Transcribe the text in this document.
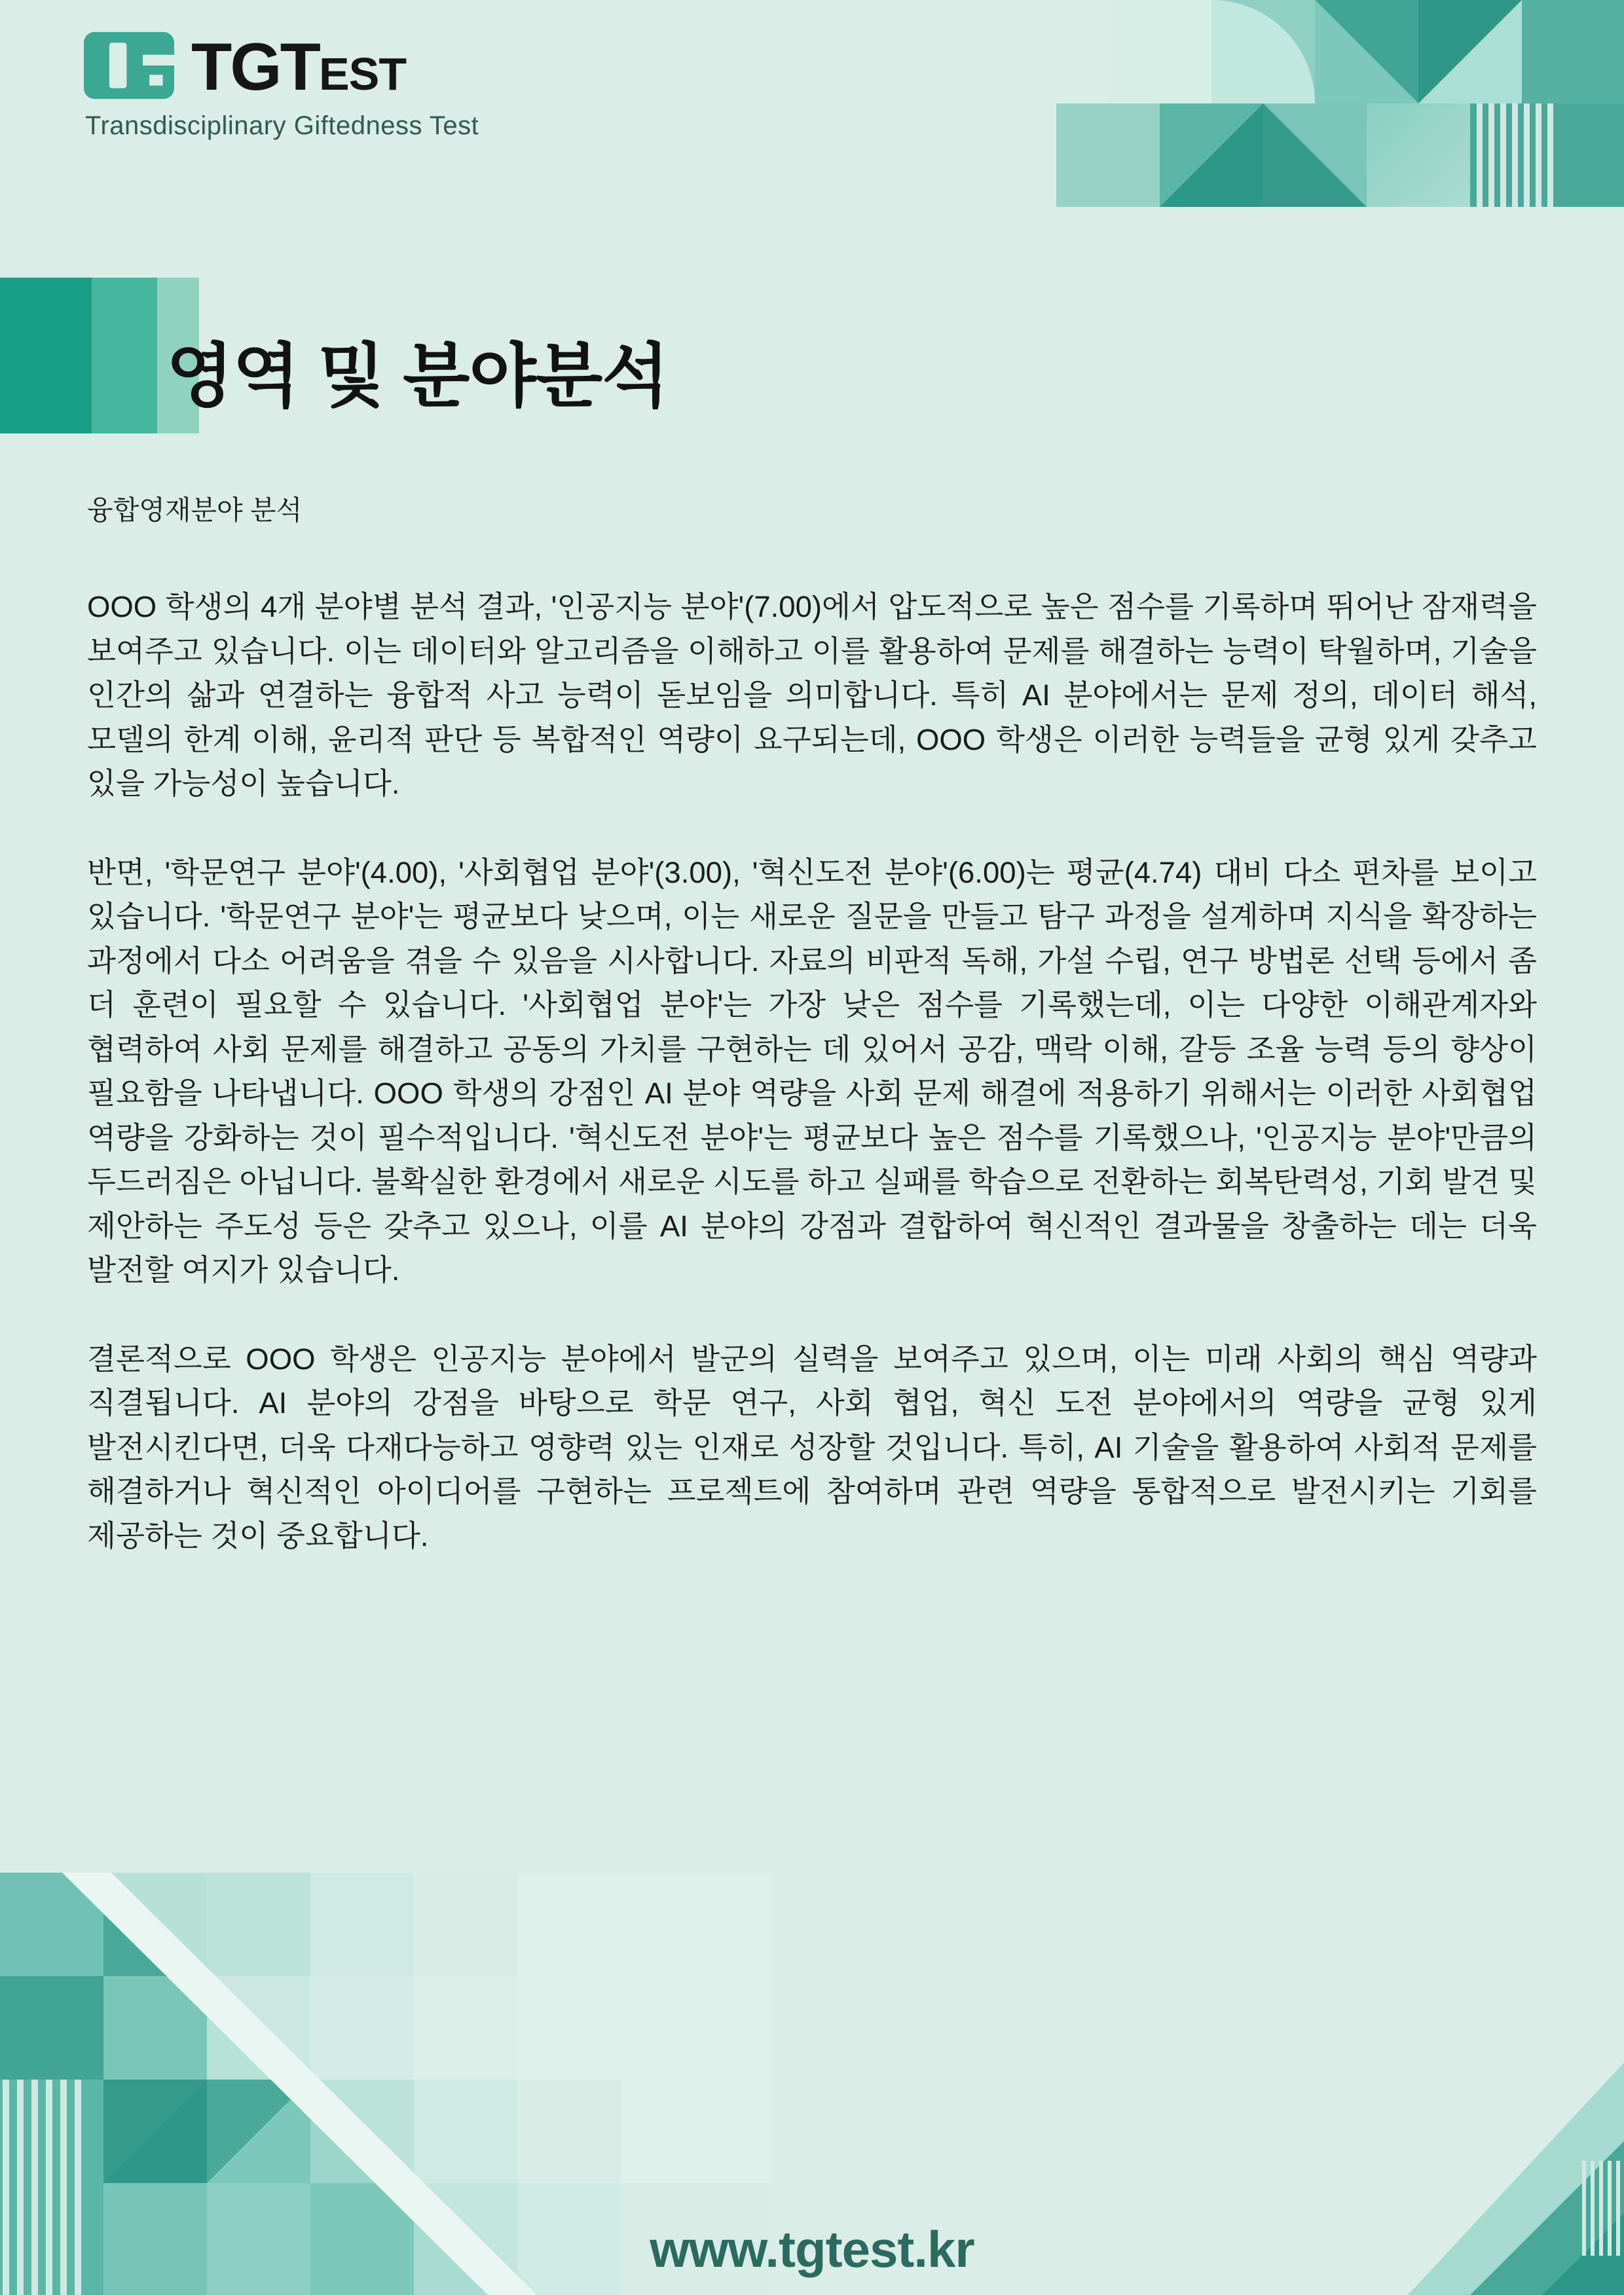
TGT EST
Transdisciplinary Giftedness Test
영역 및 분야분석
융합영재분야 분석

OOO 학생의 4개 분야별 분석 결과, '인공지능 분야'(7.00)에서 압도적으로 높은 점수를 기록하며 뛰어난 잠재력을 보여주고 있습니다. 이는 데이터와 알고리즘을 이해하고 이를 활용하여 문제를 해결하는 능력이 탁월하며, 기술을 인간의 삶과 연결하는 융합적 사고 능력이 돋보임을 의미합니다. 특히 AI 분야에서는 문제 정의, 데이터 해석, 모델의 한계 이해, 윤리적 판단 등 복합적인 역량이 요구되는데, OOO 학생은 이러한 능력들을 균형 있게 갖추고 있을 가능성이 높습니다.

반면, '학문연구 분야'(4.00), '사회협업 분야'(3.00), '혁신도전 분야'(6.00)는 평균(4.74) 대비 다소 편차를 보이고 있습니다. '학문연구 분야'는 평균보다 낮으며, 이는 새로운 질문을 만들고 탐구 과정을 설계하며 지식을 확장하는 과정에서 다소 어려움을 겪을 수 있음을 시사합니다. 자료의 비판적 독해, 가설 수립, 연구 방법론 선택 등에서 좀 더 훈련이 필요할 수 있습니다. '사회협업 분야'는 가장 낮은 점수를 기록했는데, 이는 다양한 이해관계자와 협력하여 사회 문제를 해결하고 공동의 가치를 구현하는 데 있어서 공감, 맥락 이해, 갈등 조율 능력 등의 향상이 필요함을 나타냅니다. OOO 학생의 강점인 AI 분야 역량을 사회 문제 해결에 적용하기 위해서는 이러한 사회협업 역량을 강화하는 것이 필수적입니다. '혁신도전 분야'는 평균보다 높은 점수를 기록했으나, '인공지능 분야'만큼의 두드러짐은 아닙니다. 불확실한 환경에서 새로운 시도를 하고 실패를 학습으로 전환하는 회복탄력성, 기회 발견 및 제안하는 주도성 등은 갖추고 있으나, 이를 AI 분야의 강점과 결합하여 혁신적인 결과물을 창출하는 데는 더욱 발전할 여지가 있습니다.

결론적으로 OOO 학생은 인공지능 분야에서 발군의 실력을 보여주고 있으며, 이는 미래 사회의 핵심 역량과 직결됩니다. AI 분야의 강점을 바탕으로 학문 연구, 사회 협업, 혁신 도전 분야에서의 역량을 균형 있게 발전시킨다면, 더욱 다재다능하고 영향력 있는 인재로 성장할 것입니다. 특히, AI 기술을 활용하여 사회적 문제를 해결하거나 혁신적인 아이디어를 구현하는 프로젝트에 참여하며 관련 역량을 통합적으로 발전시키는 기회를 제공하는 것이 중요합니다.

www.tgtest.kr
